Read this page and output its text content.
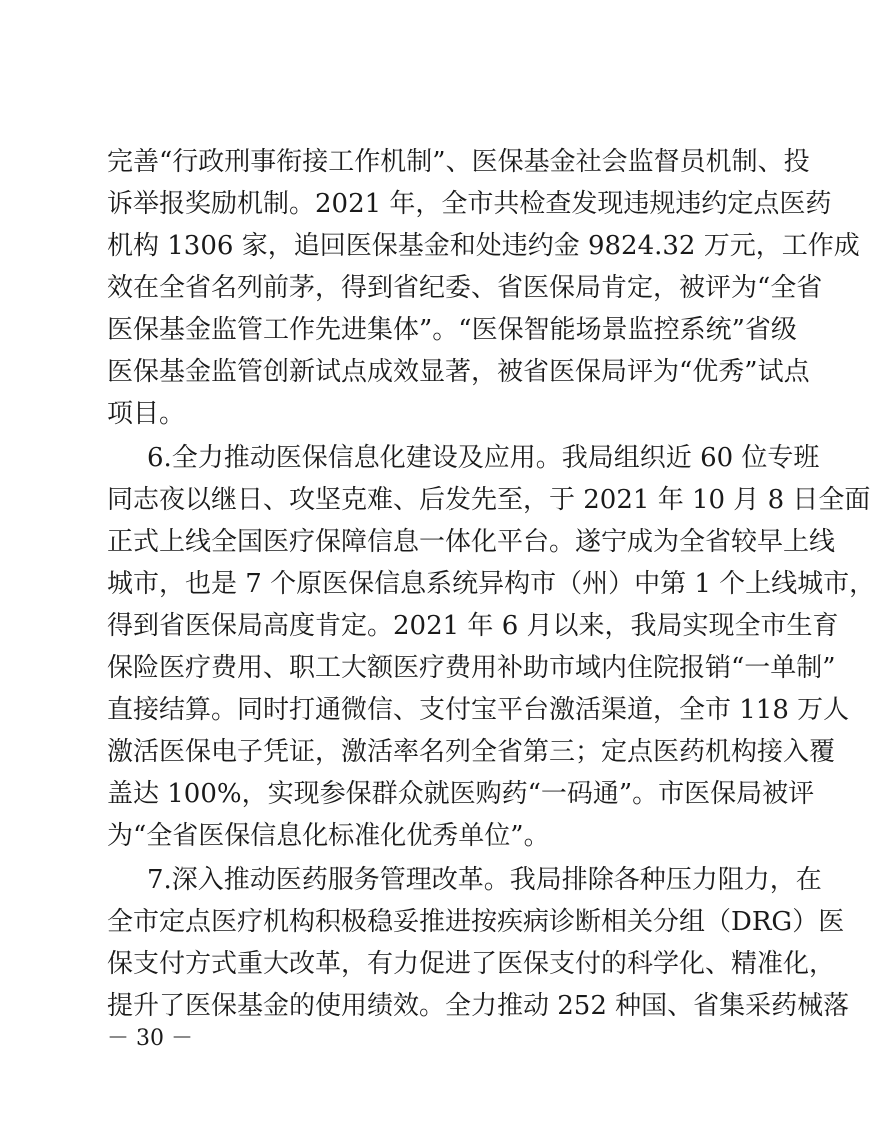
完善“行政刑事衔接工作机制”、医保基金社会监督员机制、投
诉举报奖励机制。2021 年，全市共检查发现违规违约定点医药
机构 1306 家，追回医保基金和处违约金 9824.32 万元，工作成
效在全省名列前茅，得到省纪委、省医保局肯定，被评为“全省
医保基金监管工作先进集体”。“医保智能场景监控系统”省级
医保基金监管创新试点成效显著，被省医保局评为“优秀”试点
项目。
6.全力推动医保信息化建设及应用。我局组织近 60 位专班
同志夜以继日、攻坚克难、后发先至，于 2021 年 10 月 8 日全面
正式上线全国医疗保障信息一体化平台。遂宁成为全省较早上线
城市，也是 7 个原医保信息系统异构市（州）中第 1 个上线城市，
得到省医保局高度肯定。2021 年 6 月以来，我局实现全市生育
保险医疗费用、职工大额医疗费用补助市域内住院报销“一单制”
直接结算。同时打通微信、支付宝平台激活渠道，全市 118 万人
激活医保电子凭证，激活率名列全省第三；定点医药机构接入覆
盖达 100%，实现参保群众就医购药“一码通”。市医保局被评
为“全省医保信息化标准化优秀单位”。
7.深入推动医药服务管理改革。我局排除各种压力阻力，在
全市定点医疗机构积极稳妥推进按疾病诊断相关分组（DRG）医
保支付方式重大改革，有力促进了医保支付的科学化、精准化，
提升了医保基金的使用绩效。全力推动 252 种国、省集采药械落
－ 30 －
